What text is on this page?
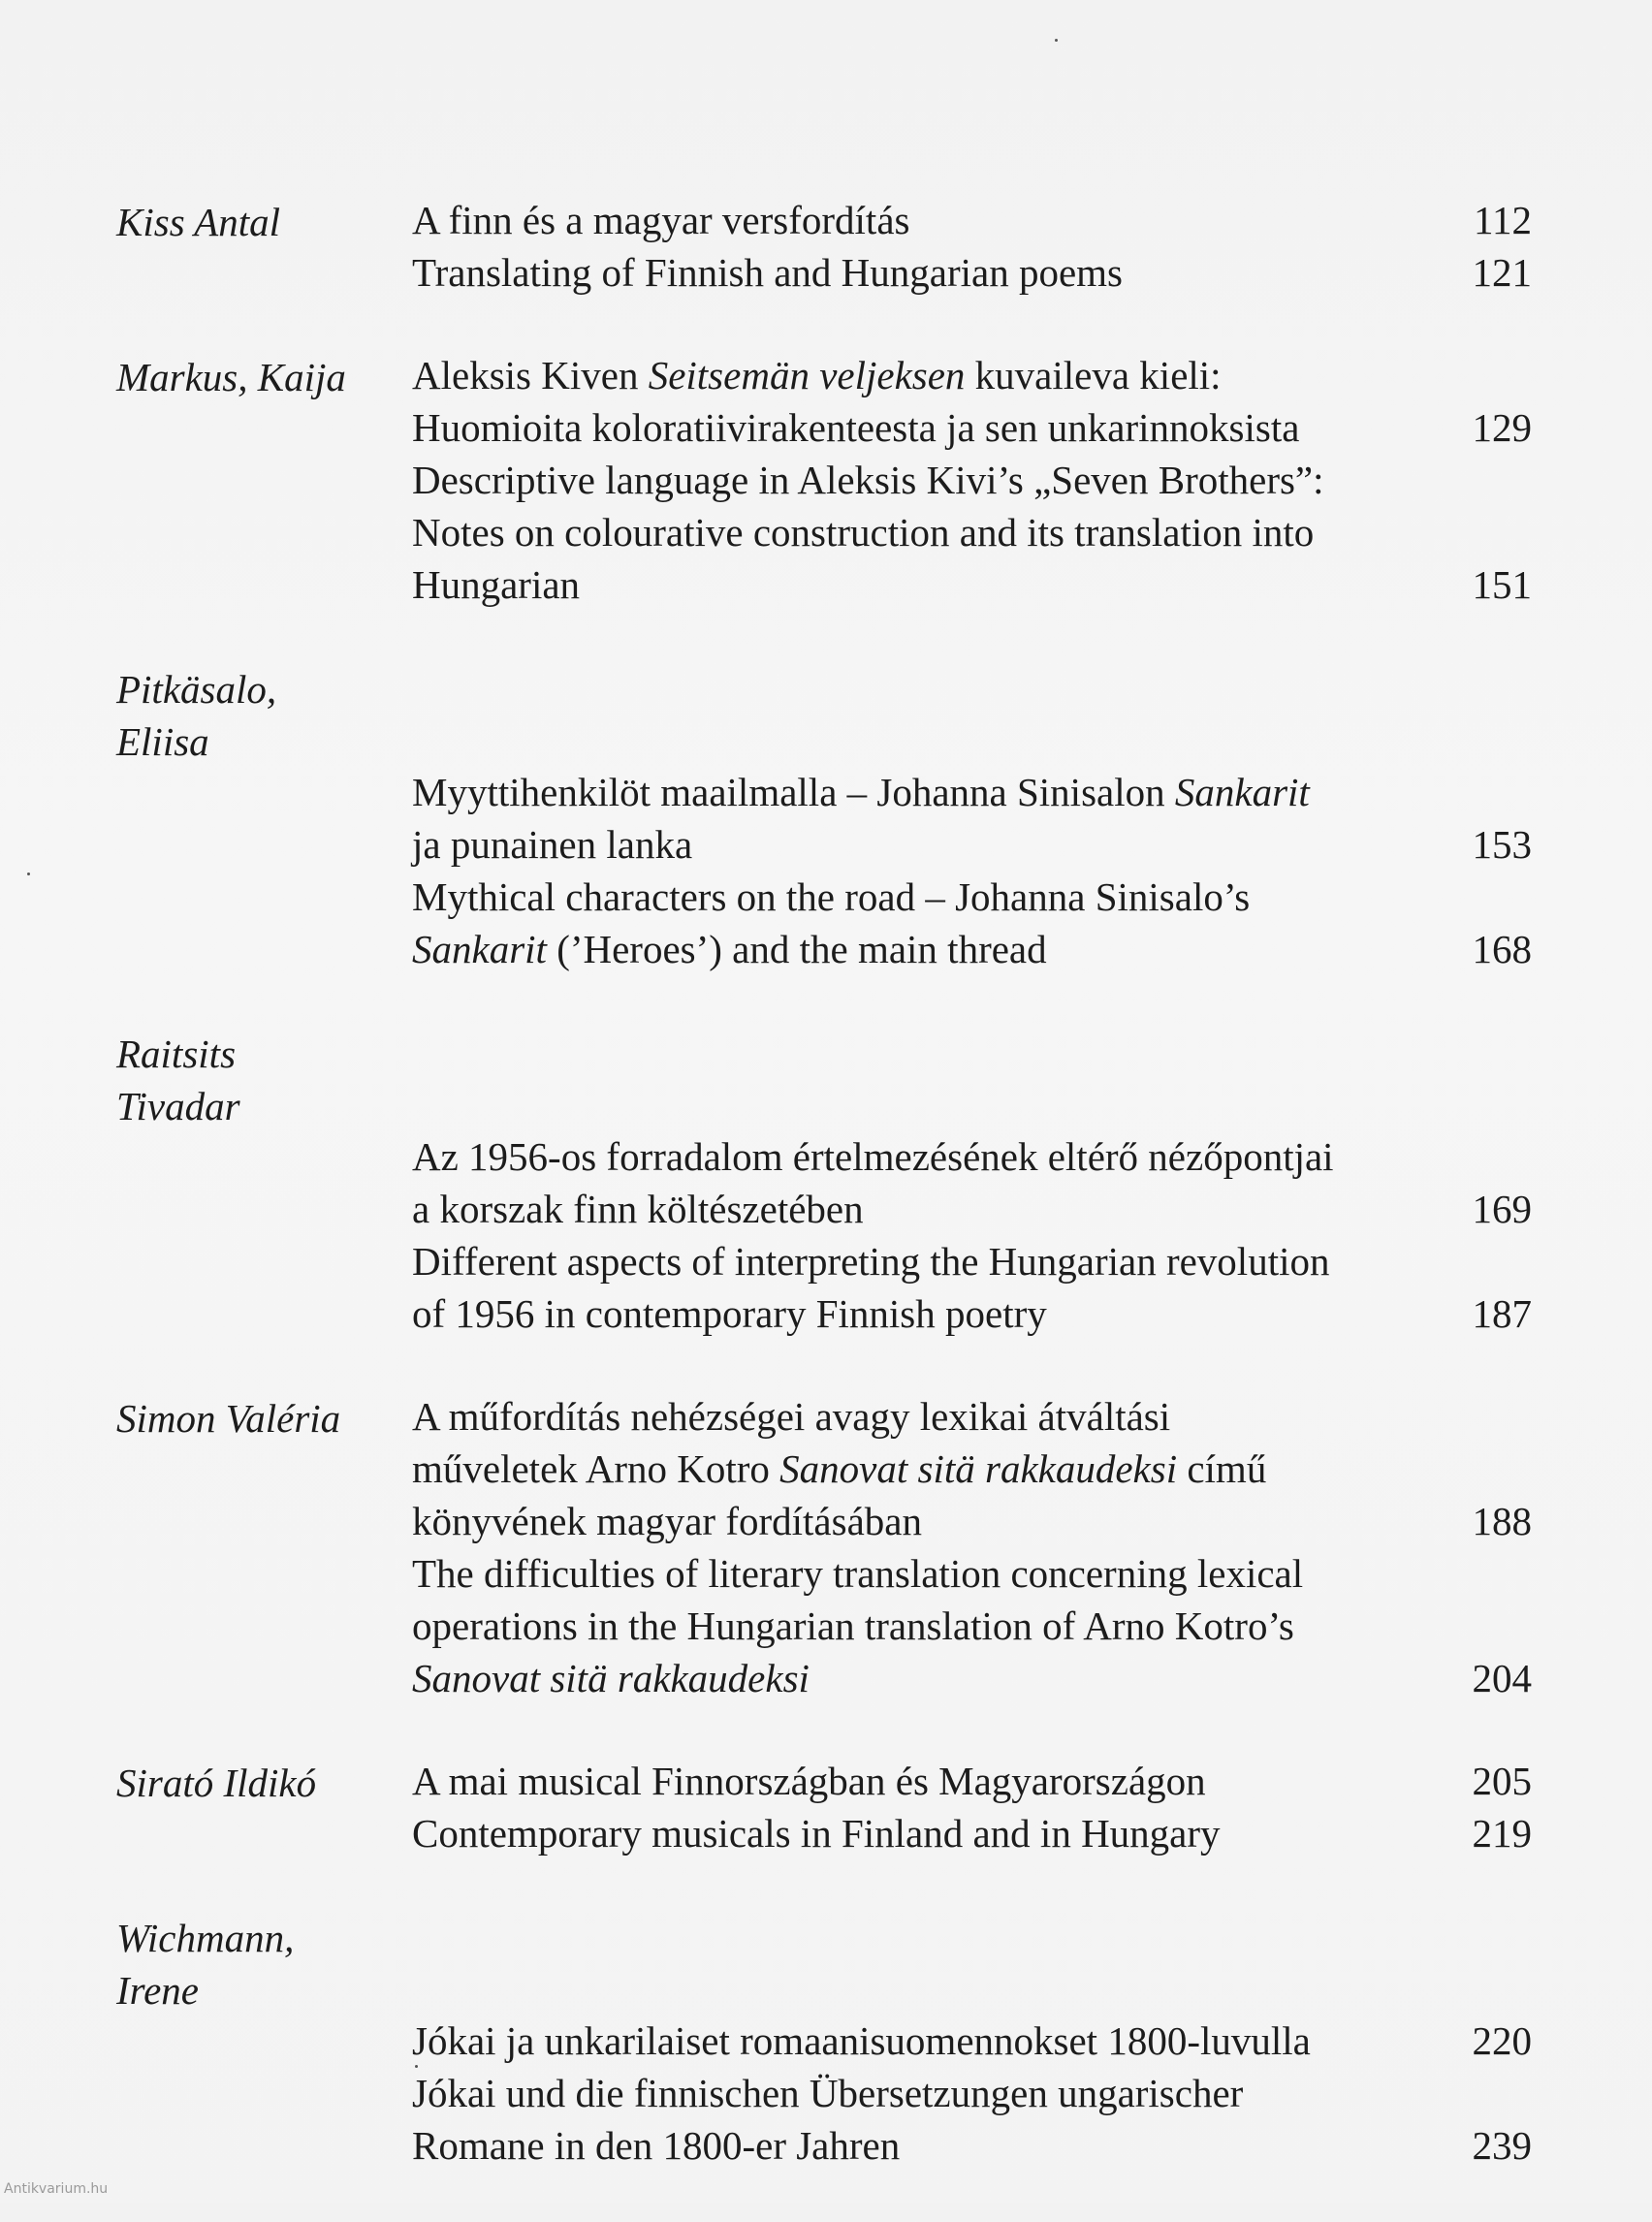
Kiss Antal	A finn és a magyar versfordítás	112
Translating of Finnish and Hungarian poems	121
Markus, Kaija	Aleksis Kiven Seitsemän veljeksen kuvaileva kieli:
Huomioita koloratiivirakenteesta ja sen unkarinnoksista	129
Descriptive language in Aleksis Kivi’s „Seven Brothers”:
Notes on colourative construction and its translation into
Hungarian	151
Pitkäsalo,
Eliisa
Myyttihenkilöt maailmalla – Johanna Sinisalon Sankarit
ja punainen lanka	153
Mythical characters on the road – Johanna Sinisalo’s
Sankarit (’Heroes’) and the main thread	168
Raitsits
Tivadar
Az 1956-os forradalom értelmezésének eltérő nézőpontjai
a korszak finn költészetében	169
Different aspects of interpreting the Hungarian revolution
of 1956 in contemporary Finnish poetry	187
Simon Valéria	A műfordítás nehézségei avagy lexikai átváltási
műveletek Arno Kotro Sanovat sitä rakkaudeksi című
könyvének magyar fordításában	188
The difficulties of literary translation concerning lexical
operations in the Hungarian translation of Arno Kotro’s
Sanovat sitä rakkaudeksi	204
Sirató Ildikó	A mai musical Finnországban és Magyarországon	205
Contemporary musicals in Finland and in Hungary	219
Wichmann,
Irene
Jókai ja unkarilaiset romaanisuomennokset 1800-luvulla	220
Jókai und die finnischen Übersetzungen ungarischer
Romane in den 1800-er Jahren	239
Antikvarium.hu
